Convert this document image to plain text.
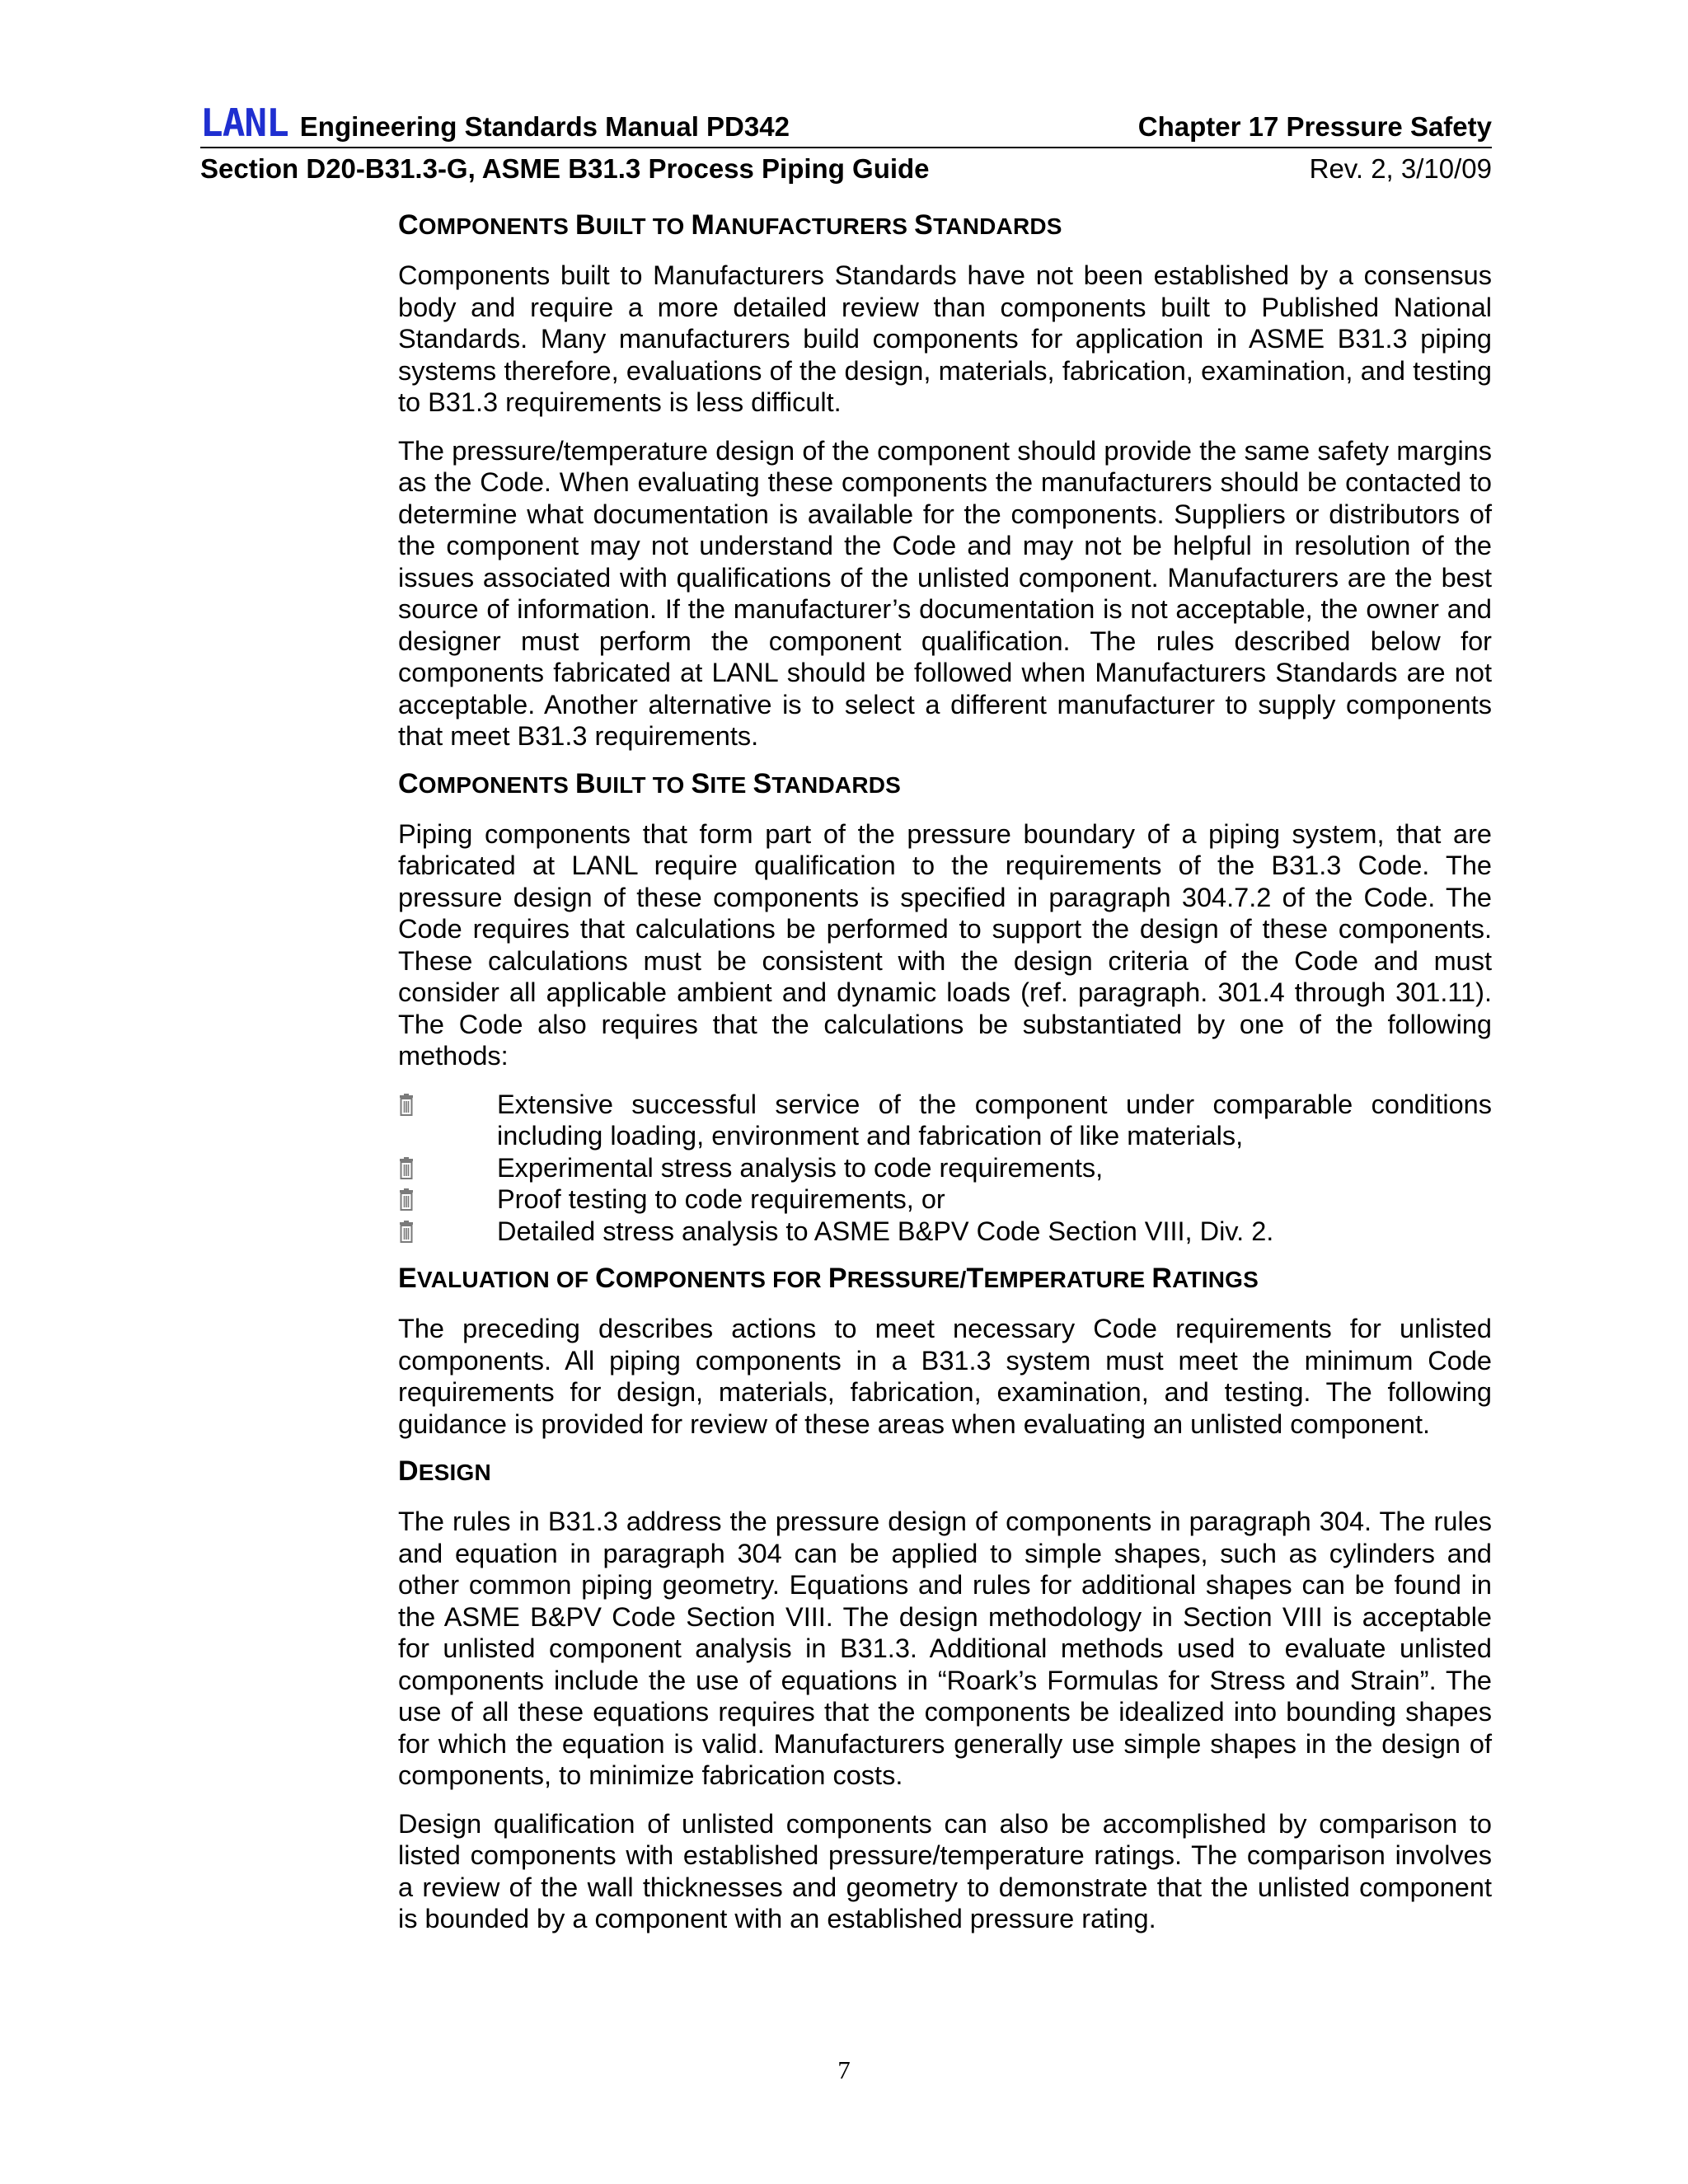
LANL Engineering Standards Manual PD342	Chapter 17 Pressure Safety
Section D20-B31.3-G, ASME B31.3 Process Piping Guide	Rev. 2, 3/10/09
COMPONENTS BUILT TO MANUFACTURERS STANDARDS

Components built to Manufacturers Standards have not been established by a consensus body and require a more detailed review than components built to Published National Standards. Many manufacturers build components for application in ASME B31.3 piping systems therefore, evaluations of the design, materials, fabrication, examination, and testing to B31.3 requirements is less difficult.

The pressure/temperature design of the component should provide the same safety margins as the Code. When evaluating these components the manufacturers should be contacted to determine what documentation is available for the components. Suppliers or distributors of the component may not understand the Code and may not be helpful in resolution of the issues associated with qualifications of the unlisted component. Manufacturers are the best source of information. If the manufacturer’s documentation is not acceptable, the owner and designer must perform the component qualification. The rules described below for components fabricated at LANL should be followed when Manufacturers Standards are not acceptable. Another alternative is to select a different manufacturer to supply components that meet B31.3 requirements.

COMPONENTS BUILT TO SITE STANDARDS

Piping components that form part of the pressure boundary of a piping system, that are fabricated at LANL require qualification to the requirements of the B31.3 Code. The pressure design of these components is specified in paragraph 304.7.2 of the Code. The Code requires that calculations be performed to support the design of these components. These calculations must be consistent with the design criteria of the Code and must consider all applicable ambient and dynamic loads (ref. paragraph. 301.4 through 301.11). The Code also requires that the calculations be substantiated by one of the following methods:

Extensive successful service of the component under comparable conditions including loading, environment and fabrication of like materials,
Experimental stress analysis to code requirements,
Proof testing to code requirements, or
Detailed stress analysis to ASME B&PV Code Section VIII, Div. 2.
EVALUATION OF COMPONENTS FOR PRESSURE/TEMPERATURE RATINGS

The preceding describes actions to meet necessary Code requirements for unlisted components. All piping components in a B31.3 system must meet the minimum Code requirements for design, materials, fabrication, examination, and testing. The following guidance is provided for review of these areas when evaluating an unlisted component.

DESIGN

The rules in B31.3 address the pressure design of components in paragraph 304. The rules and equation in paragraph 304 can be applied to simple shapes, such as cylinders and other common piping geometry. Equations and rules for additional shapes can be found in the ASME B&PV Code Section VIII. The design methodology in Section VIII is acceptable for unlisted component analysis in B31.3. Additional methods used to evaluate unlisted components include the use of equations in “Roark’s Formulas for Stress and Strain”. The use of all these equations requires that the components be idealized into bounding shapes for which the equation is valid. Manufacturers generally use simple shapes in the design of components, to minimize fabrication costs.

Design qualification of unlisted components can also be accomplished by comparison to listed components with established pressure/temperature ratings. The comparison involves a review of the wall thicknesses and geometry to demonstrate that the unlisted component is bounded by a component with an established pressure rating.

7
